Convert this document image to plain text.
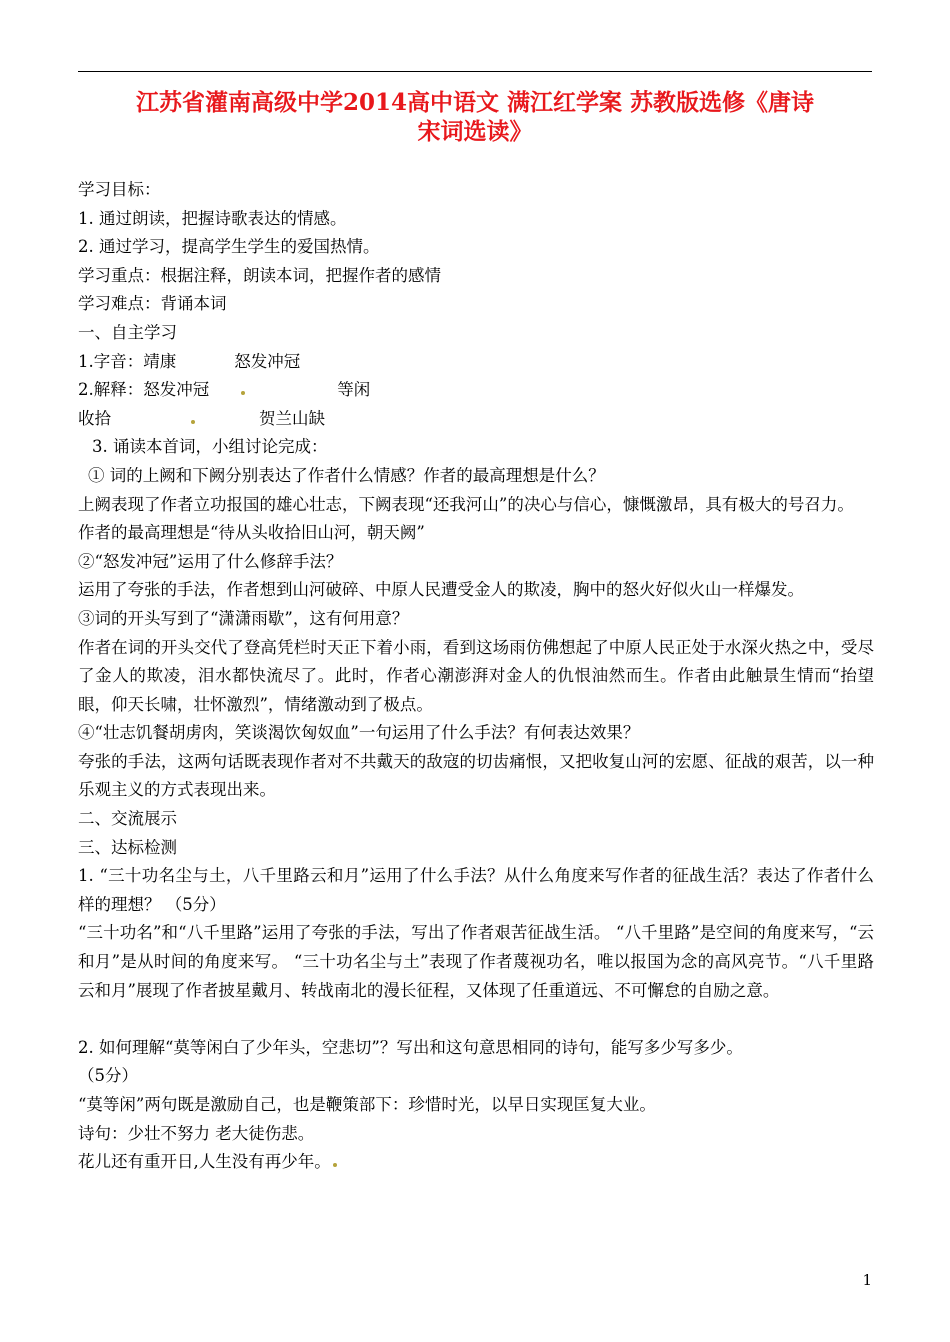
江苏省灌南高级中学2014高中语文 满江红学案 苏教版选修《唐诗
宋词选读》

学习目标：

1. 通过朗读，把握诗歌表达的情感。

2. 通过学习，提高学生学生的爱国热情。

学习重点：根据注释，朗读本词，把握作者的感情

学习难点：背诵本词

一、自主学习

1.字音：靖康	怒发冲冠

2.解释：怒发冲冠	等闲

收拾	贺兰山缺

3. 诵读本首词，小组讨论完成：

① 词的上阙和下阙分别表达了作者什么情感？作者的最高理想是什么？

上阙表现了作者立功报国的雄心壮志，下阙表现“还我河山”的决心与信心，慷慨激昂，具有极大的号召力。

作者的最高理想是“待从头收拾旧山河，朝天阙”

②“怒发冲冠”运用了什么修辞手法？

运用了夸张的手法，作者想到山河破碎、中原人民遭受金人的欺凌，胸中的怒火好似火山一样爆发。

③词的开头写到了“潇潇雨歇”，这有何用意？

作者在词的开头交代了登高凭栏时天正下着小雨，看到这场雨仿佛想起了中原人民正处于水深火热之中，受尽了金人的欺凌，泪水都快流尽了。此时，作者心潮澎湃对金人的仇恨油然而生。作者由此触景生情而“抬望眼，仰天长啸，壮怀激烈”，情绪激动到了极点。

④“壮志饥餐胡虏肉，笑谈渴饮匈奴血”一句运用了什么手法？有何表达效果？

夸张的手法，这两句话既表现作者对不共戴天的敌寇的切齿痛恨，又把收复山河的宏愿、征战的艰苦，以一种乐观主义的方式表现出来。

二、交流展示

三、达标检测

1. “三十功名尘与土，八千里路云和月”运用了什么手法？从什么角度来写作者的征战生活？表达了作者什么样的理想？ （5分）

“三十功名”和“八千里路”运用了夸张的手法，写出了作者艰苦征战生活。 “八千里路”是空间的角度来写，“云和月”是从时间的角度来写。 “三十功名尘与土”表现了作者蔑视功名，唯以报国为念的高风亮节。“八千里路云和月”展现了作者披星戴月、转战南北的漫长征程，又体现了任重道远、不可懈怠的自励之意。

2. 如何理解“莫等闲白了少年头，空悲切”？写出和这句意思相同的诗句，能写多少写多少。

（5分）

“莫等闲”两句既是激励自己，也是鞭策部下：珍惜时光，以早日实现匡复大业。

诗句：少壮不努力 老大徒伤悲。

花儿还有重开日,人生没有再少年。

1
